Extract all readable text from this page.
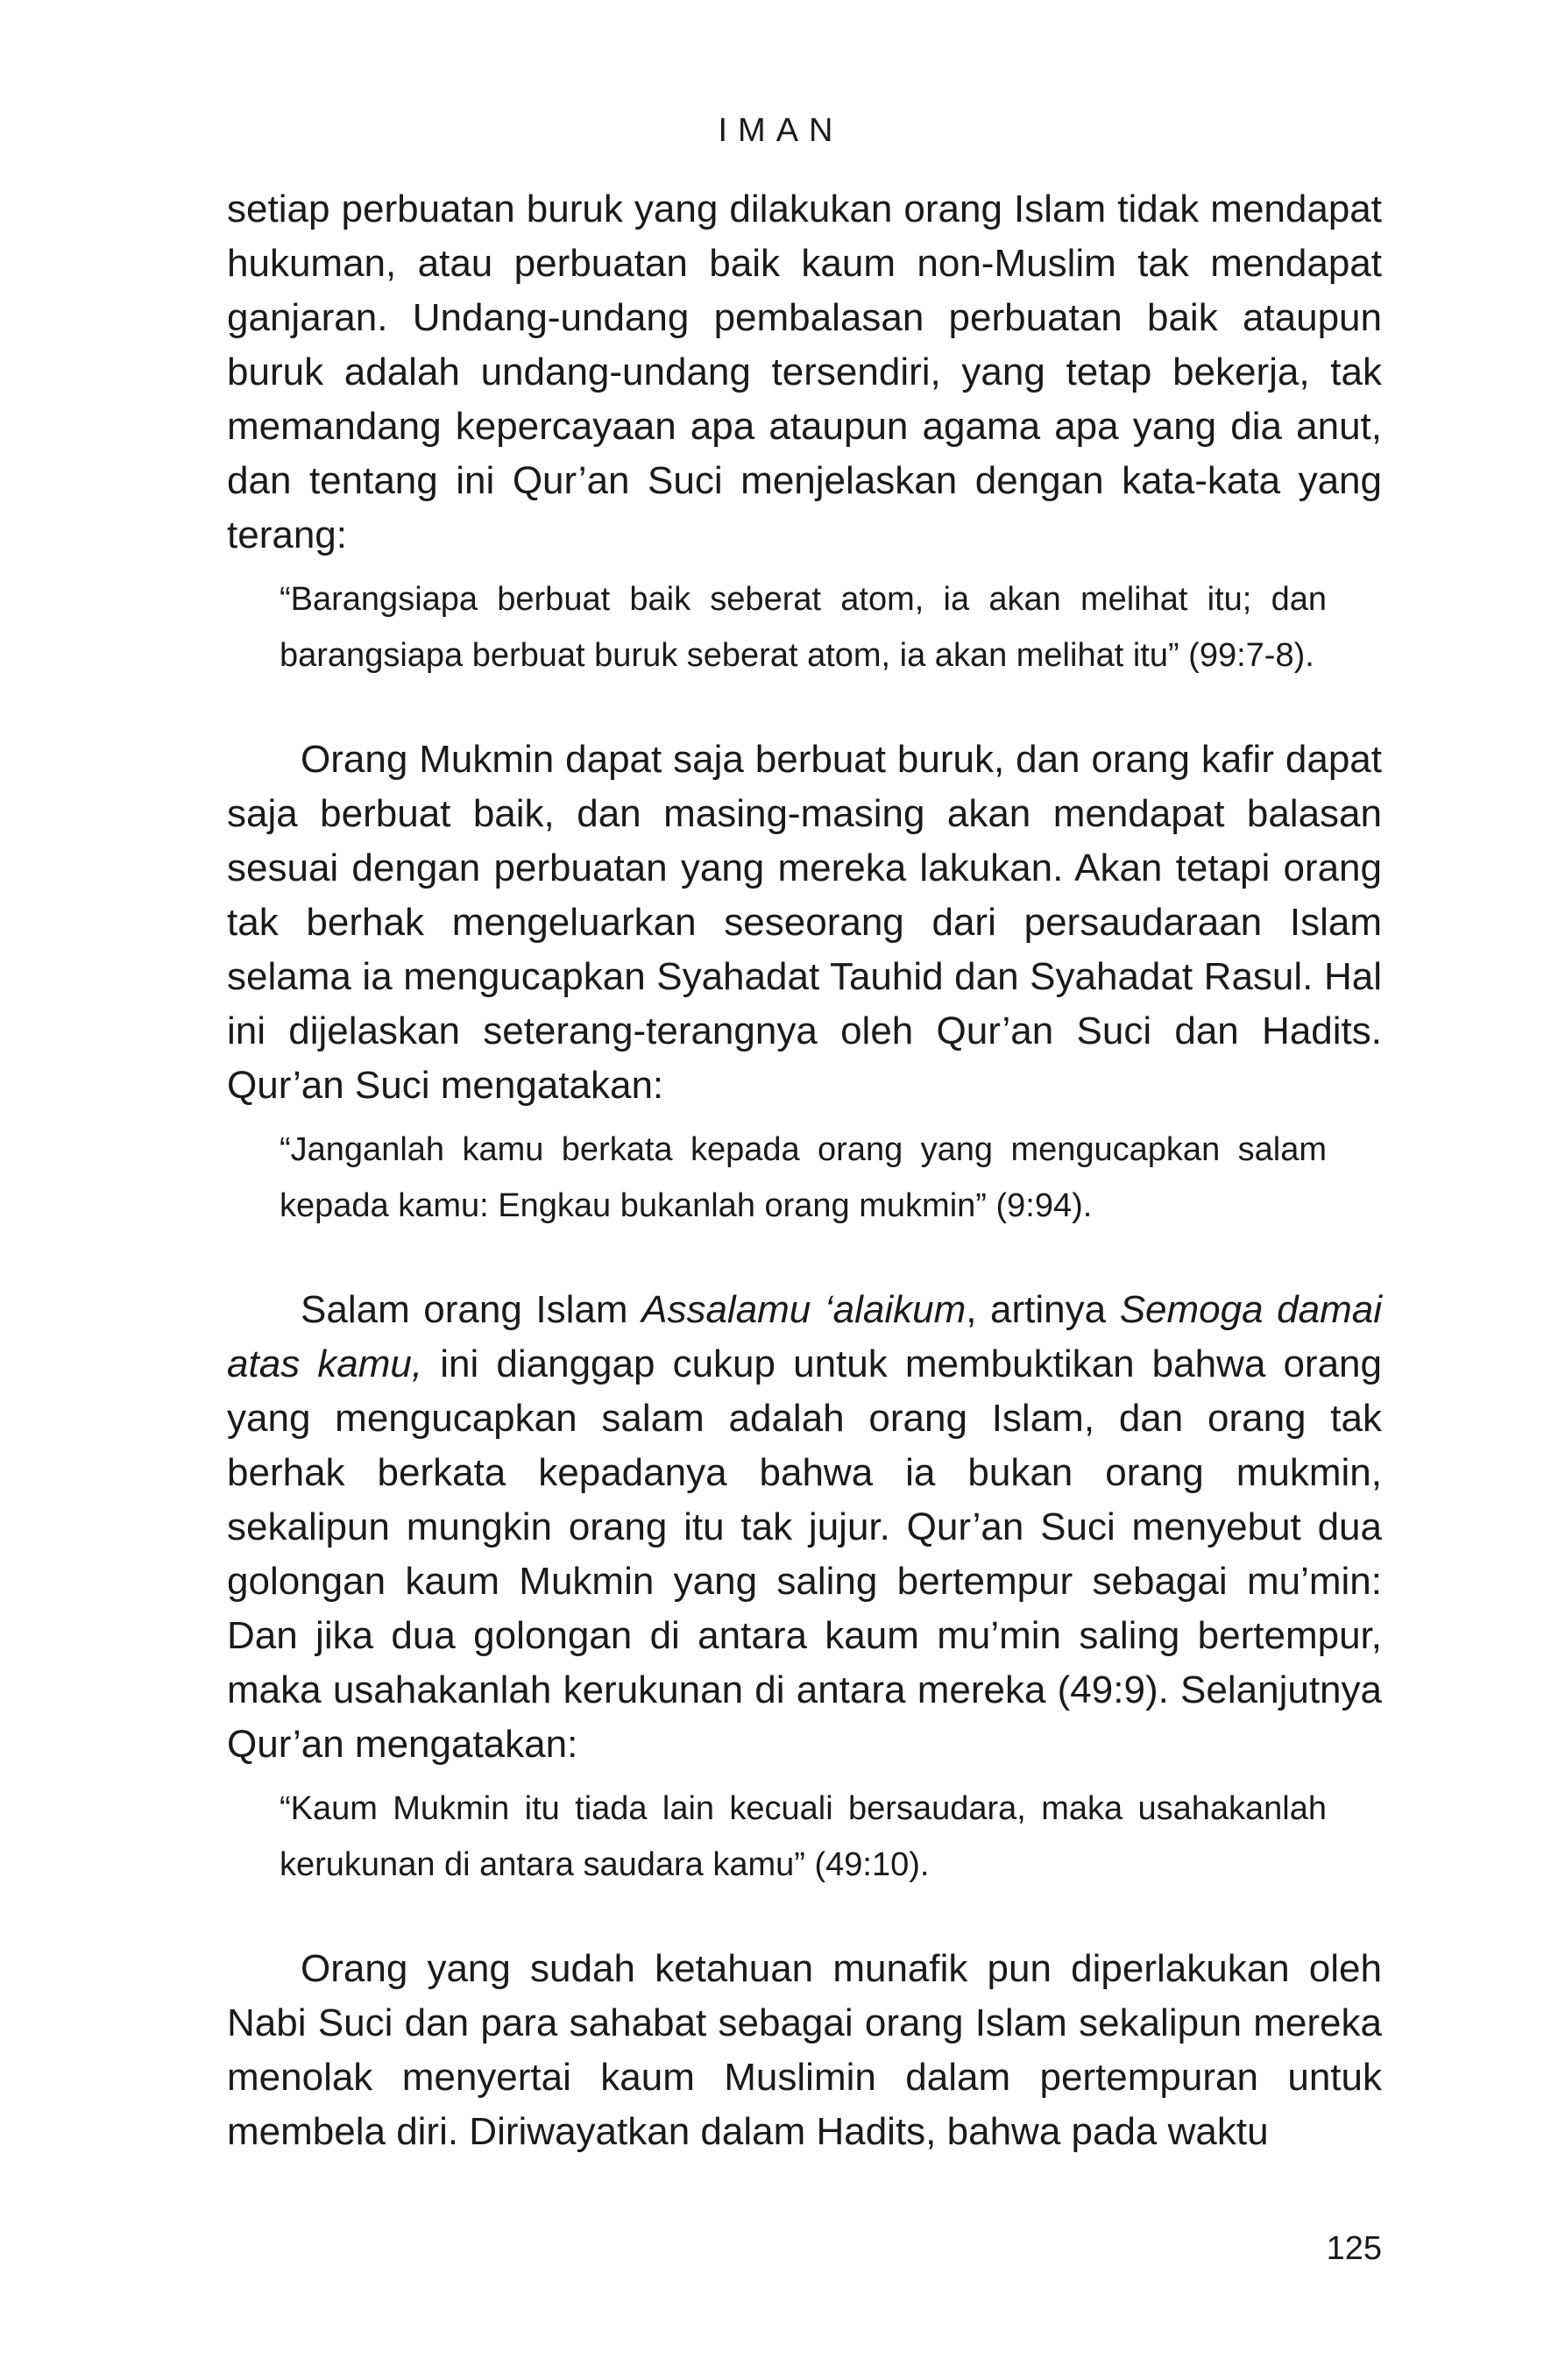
IMAN

setiap perbuatan buruk yang dilakukan orang Islam tidak mendapat hukuman, atau perbuatan baik kaum non-Muslim tak mendapat ganjaran. Undang-undang pembalasan perbuatan baik ataupun buruk adalah undang-undang tersendiri, yang tetap bekerja, tak memandang kepercayaan apa ataupun agama apa yang dia anut, dan tentang ini Qur’an Suci menjelaskan dengan kata-kata yang terang:

“Barangsiapa berbuat baik seberat atom, ia akan melihat itu; dan barangsiapa berbuat buruk seberat atom, ia akan melihat itu” (99:7-8).

Orang Mukmin dapat saja berbuat buruk, dan orang kafir dapat saja berbuat baik, dan masing-masing akan mendapat balasan sesuai dengan perbuatan yang mereka lakukan. Akan tetapi orang tak berhak mengeluarkan seseorang dari persaudaraan Islam selama ia mengucapkan Syahadat Tauhid dan Syahadat Rasul. Hal ini dijelaskan seterang-terangnya oleh Qur’an Suci dan Hadits. Qur’an Suci mengatakan:

“Janganlah kamu berkata kepada orang yang mengucapkan salam kepada kamu: Engkau bukanlah orang mukmin” (9:94).

Salam orang Islam Assalamu ‘alaikum, artinya Semoga damai atas kamu, ini dianggap cukup untuk membuktikan bahwa orang yang mengucapkan salam adalah orang Islam, dan orang tak berhak berkata kepadanya bahwa ia bukan orang mukmin, sekalipun mungkin orang itu tak jujur. Qur’an Suci menyebut dua golongan kaum Mukmin yang saling bertempur sebagai mu’min: Dan jika dua golongan di antara kaum mu’min saling bertempur, maka usahakanlah kerukunan di antara mereka (49:9). Selanjutnya Qur’an mengatakan:

“Kaum Mukmin itu tiada lain kecuali bersaudara, maka usahakanlah kerukunan di antara saudara kamu” (49:10).

Orang yang sudah ketahuan munafik pun diperlakukan oleh Nabi Suci dan para sahabat sebagai orang Islam sekalipun mereka menolak menyertai kaum Muslimin dalam pertempuran untuk membela diri. Diriwayatkan dalam Hadits, bahwa pada waktu

125
